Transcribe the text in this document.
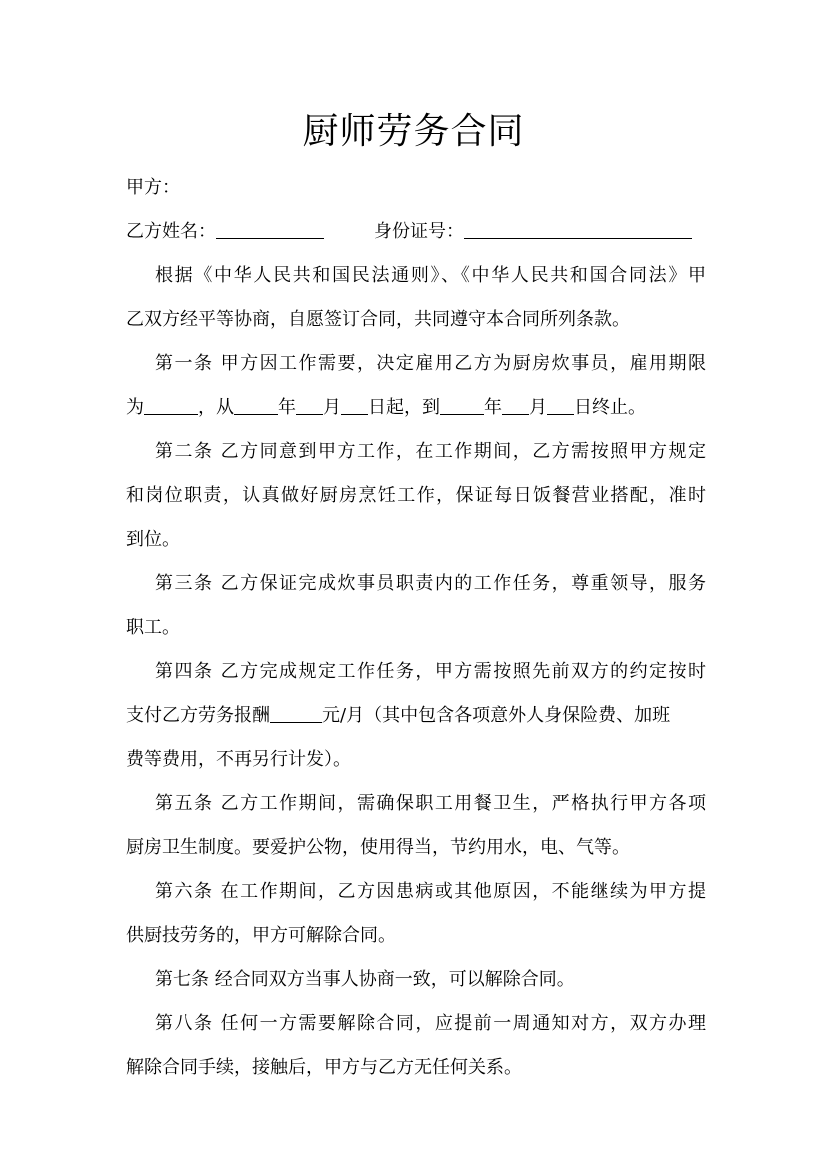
厨师劳务合同
甲方：
乙方姓名：	身份证号：
根据《中华人民共和国民法通则》、《中华人民共和国合同法》甲
乙双方经平等协商，自愿签订合同，共同遵守本合同所列条款。
第一条 甲方因工作需要，决定雇用乙方为厨房炊事员，雇用期限
为	，从 年 月 日起，到 年 月 日终止。
第二条 乙方同意到甲方工作，在工作期间，乙方需按照甲方规定
和岗位职责，认真做好厨房烹饪工作，保证每日饭餐营业搭配，准时
到位。
第三条 乙方保证完成炊事员职责内的工作任务，尊重领导，服务
职工。
第四条 乙方完成规定工作任务，甲方需按照先前双方的约定按时
支付乙方劳务报酬	元/月（其中包含各项意外人身保险费、加班
费等费用，不再另行计发）。
第五条 乙方工作期间，需确保职工用餐卫生，严格执行甲方各项
厨房卫生制度。要爱护公物，使用得当，节约用水，电、气等。
第六条 在工作期间，乙方因患病或其他原因，不能继续为甲方提
供厨技劳务的，甲方可解除合同。
第七条 经合同双方当事人协商一致，可以解除合同。
第八条 任何一方需要解除合同，应提前一周通知对方，双方办理
解除合同手续，接触后，甲方与乙方无任何关系。
